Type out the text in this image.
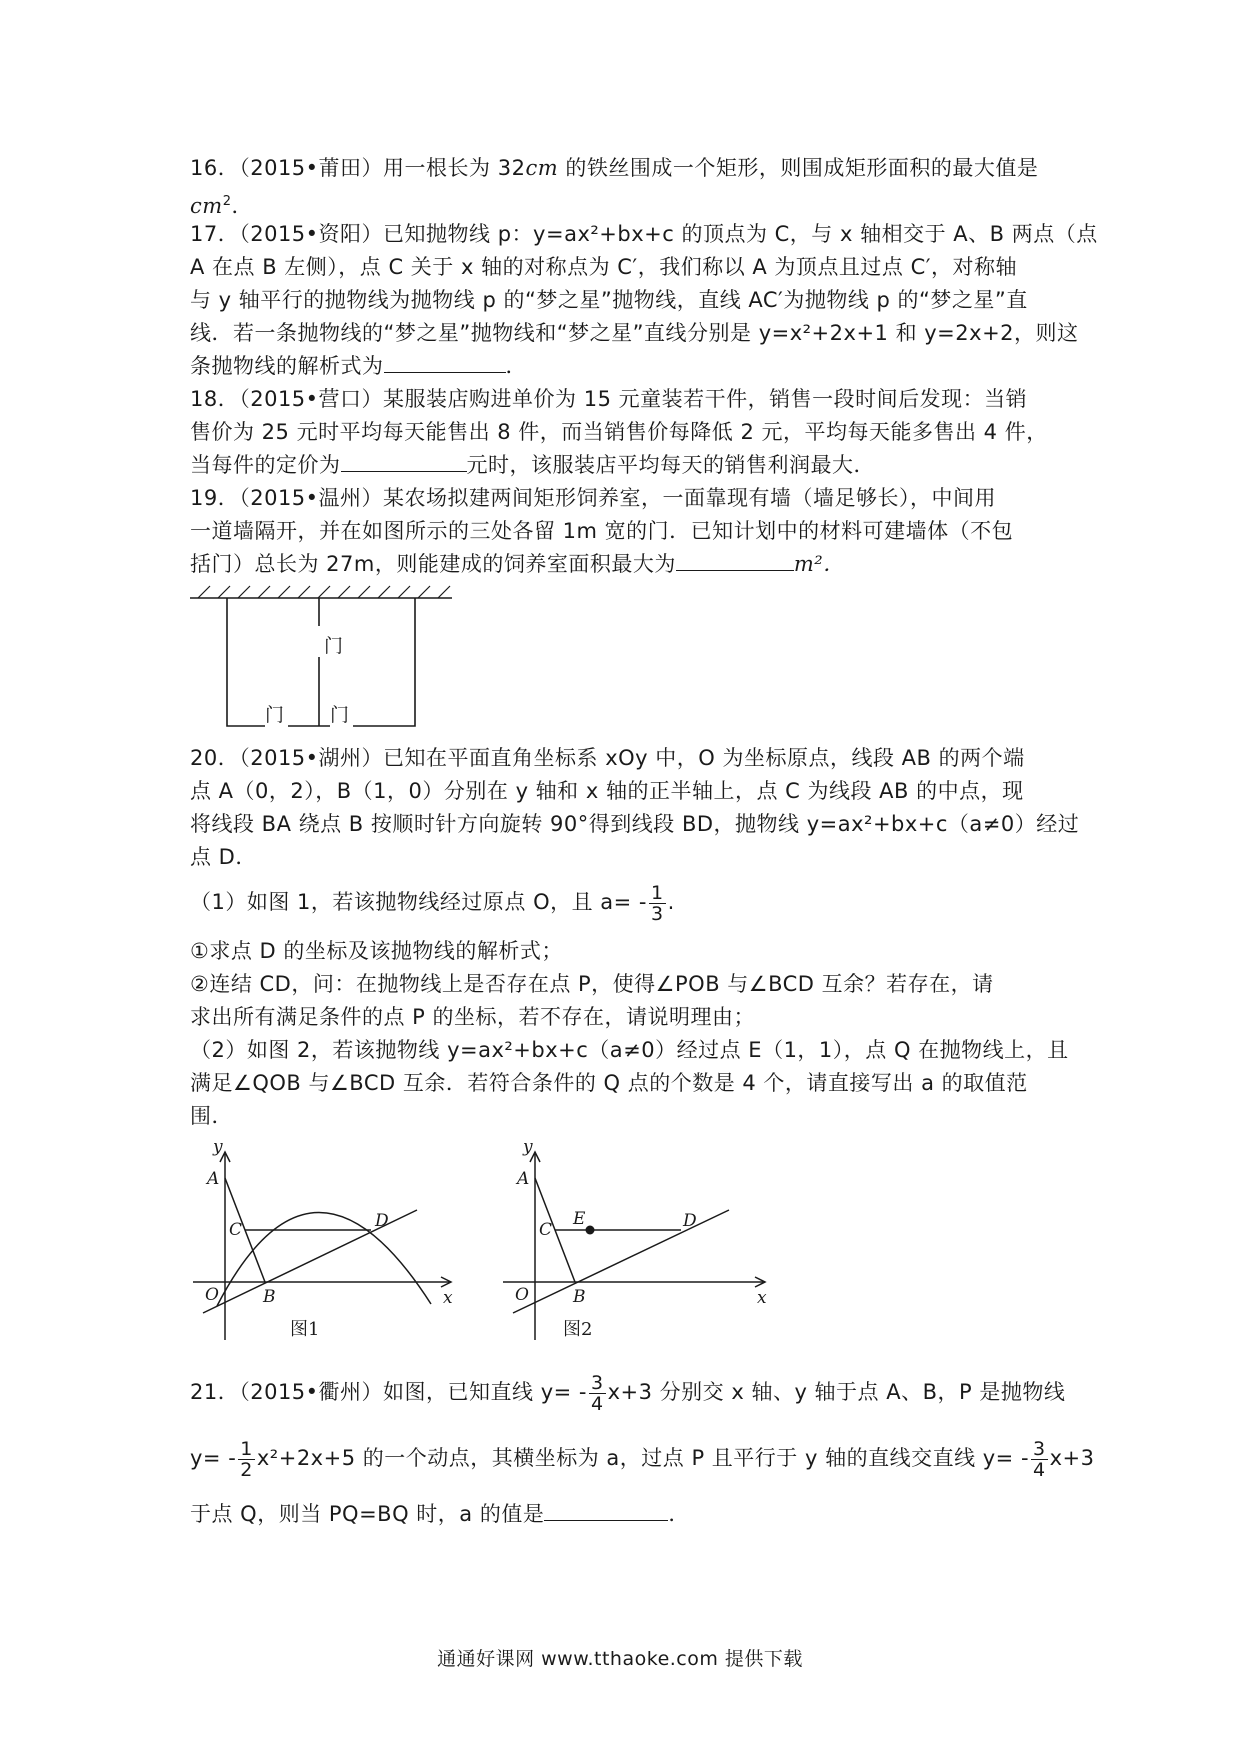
16．（2015•莆田）用一根长为 32cm 的铁丝围成一个矩形，则围成矩形面积的最大值是
$cm^2$．
17．（2015•资阳）已知抛物线 p：y=ax²+bx+c 的顶点为 C，与 x 轴相交于 A、B 两点（点
A 在点 B 左侧），点 C 关于 x 轴的对称点为 C′，我们称以 A 为顶点且过点 C′，对称轴
与 y 轴平行的抛物线为抛物线 p 的“梦之星”抛物线，直线 AC′为抛物线 p 的“梦之星”直
线．若一条抛物线的“梦之星”抛物线和“梦之星”直线分别是 y=x²+2x+1 和 y=2x+2，则这
条抛物线的解析式为	．
18．（2015•营口）某服装店购进单价为 15 元童装若干件，销售一段时间后发现：当销
售价为 25 元时平均每天能售出 8 件，而当销售价每降低 2 元，平均每天能多售出 4 件，
当每件的定价为	元时，该服装店平均每天的销售利润最大．
19．（2015•温州）某农场拟建两间矩形饲养室，一面靠现有墙（墙足够长），中间用
一道墙隔开，并在如图所示的三处各留 1m 宽的门．已知计划中的材料可建墙体（不包
括门）总长为 27m，则能建成的饲养室面积最大为	m²．
门
门 门
20．（2015•湖州）已知在平面直角坐标系 xOy 中，O 为坐标原点，线段 AB 的两个端
点 A（0，2），B（1，0）分别在 y 轴和 x 轴的正半轴上，点 C 为线段 AB 的中点，现
将线段 BA 绕点 B 按顺时针方向旋转 90°得到线段 BD，抛物线 y=ax²+bx+c（a≠0）经过
点 D．
（1）如图 1，若该抛物线经过原点 O，且 $a= - \frac{1}{3}$ .
①求点 D 的坐标及该抛物线的解析式；
②连结 CD，问：在抛物线上是否存在点 P，使得∠POB 与∠BCD 互余？若存在，请
求出所有满足条件的点 P 的坐标，若不存在，请说明理由；
（2）如图 2，若该抛物线 y=ax²+bx+c（a≠0）经过点 E（1，1），点 Q 在抛物线上，且
满足∠QOB 与∠BCD 互余．若符合条件的 Q 点的个数是 4 个，请直接写出 a 的取值范
围．
y
A
C	D
O	B	x
图1
y
A
C
E	D
O	B	x
图2
21．（2015•衢州）如图，已知直线 $y= - \frac{3}{4} x+3$ 分别交 x 轴、y 轴于点 A、B，P 是抛物线
$y= - \frac{1}{2} x^2+2x+5$ 的一个动点，其横坐标为 a，过点 P 且平行于 y 轴的直线交直线 $y= - \frac{3}{4} x+3$
于点 Q，则当 PQ=BQ 时，a 的值是	．
通通好课网 www.tthaoke.com 提供下载
